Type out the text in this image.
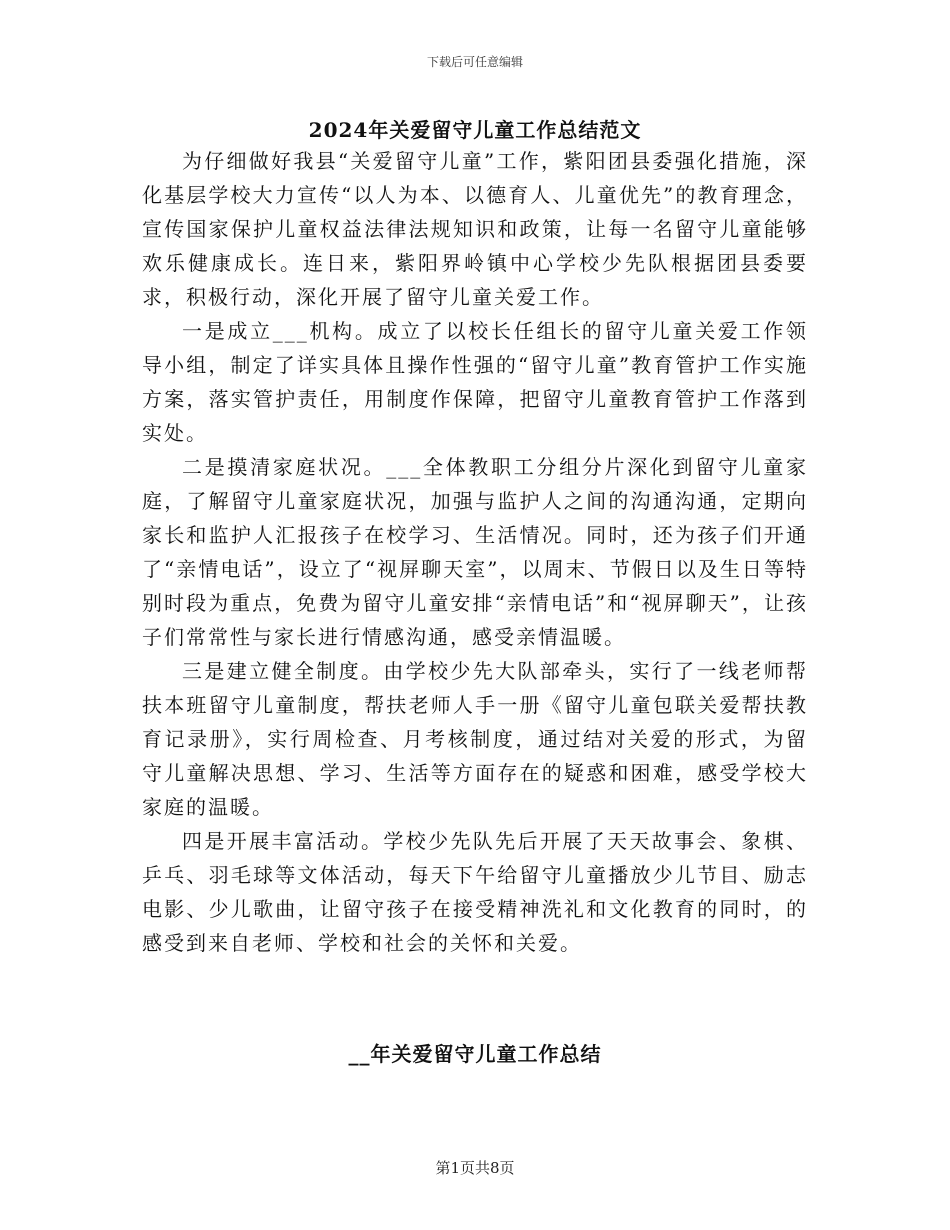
下载后可任意编辑
2024年关爱留守儿童工作总结范文

为仔细做好我县“关爱留守儿童”工作，紫阳团县委强化措施，深化基层学校大力宣传“以人为本、以德育人、儿童优先”的教育理念，宣传国家保护儿童权益法律法规知识和政策，让每一名留守儿童能够欢乐健康成长。连日来，紫阳界岭镇中心学校少先队根据团县委要求，积极行动，深化开展了留守儿童关爱工作。

一是成立___机构。成立了以校长任组长的留守儿童关爱工作领导小组，制定了详实具体且操作性强的“留守儿童”教育管护工作实施方案，落实管护责任，用制度作保障，把留守儿童教育管护工作落到实处。

二是摸清家庭状况。___全体教职工分组分片深化到留守儿童家庭，了解留守儿童家庭状况，加强与监护人之间的沟通沟通，定期向家长和监护人汇报孩子在校学习、生活情况。同时，还为孩子们开通了“亲情电话”，设立了“视屏聊天室”，以周末、节假日以及生日等特别时段为重点，免费为留守儿童安排“亲情电话”和“视屏聊天”，让孩子们常常性与家长进行情感沟通，感受亲情温暖。

三是建立健全制度。由学校少先大队部牵头，实行了一线老师帮扶本班留守儿童制度，帮扶老师人手一册《留守儿童包联关爱帮扶教育记录册》，实行周检查、月考核制度，通过结对关爱的形式，为留守儿童解决思想、学习、生活等方面存在的疑惑和困难，感受学校大家庭的温暖。

四是开展丰富活动。学校少先队先后开展了天天故事会、象棋、乒乓、羽毛球等文体活动，每天下午给留守儿童播放少儿节目、励志电影、少儿歌曲，让留守孩子在接受精神洗礼和文化教育的同时，的感受到来自老师、学校和社会的关怀和关爱。

__年关爱留守儿童工作总结
第1页共8页
